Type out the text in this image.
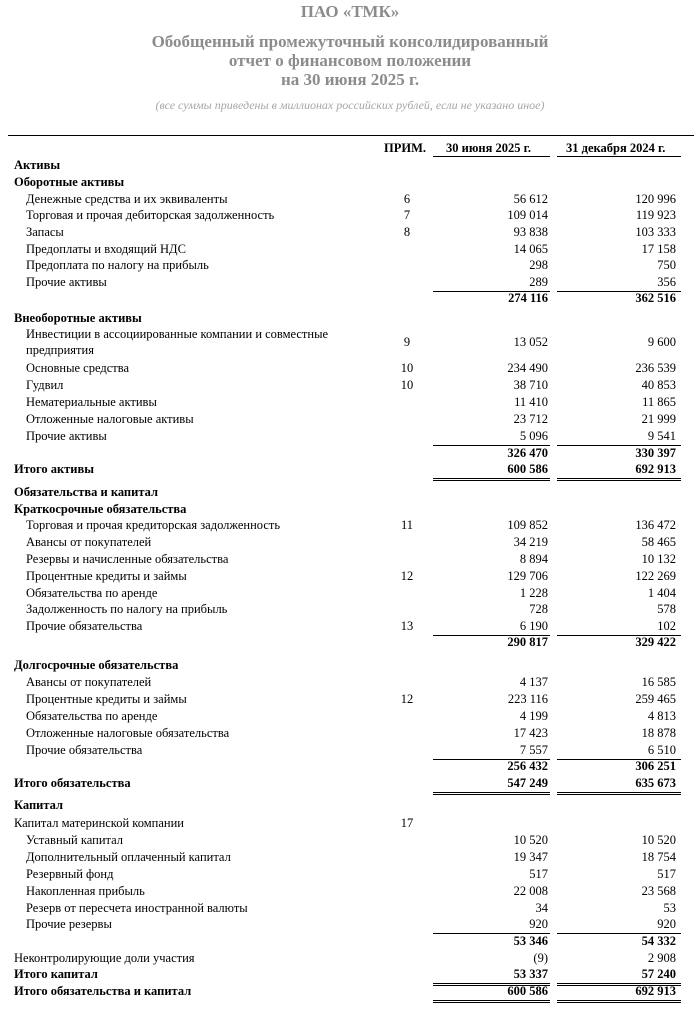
ПАО «ТМК»
Обобщенный промежуточный консолидированный
отчет о финансовом положении
на 30 июня 2025 г.
(все суммы приведены в миллионах российских рублей, если не указано иное)
ПРИМ. 30 июня 2025 г.	31 декабря 2024 г.
Активы
Оборотные активы
Денежные средства и их эквиваленты	6	56 612	120 996
Торговая и прочая дебиторская задолженность	7	109 014	119 923
Запасы	8	93 838	103 333
Предоплаты и входящий НДС	14 065	17 158
Предоплата по налогу на прибыль	298	750
Прочие активы	289	356
274 116	362 516
Внеоборотные активы
Инвестиции в ассоциированные компании и совместные
предприятия
9	13 052	9 600
Основные средства	10	234 490	236 539
Гудвил	10	38 710	40 853
Нематериальные активы	11 410	11 865
Отложенные налоговые активы	23 712	21 999
Прочие активы	5 096	9 541
326 470	330 397
Итого активы	600 586	692 913
Обязательства и капитал
Краткосрочные обязательства
Торговая и прочая кредиторская задолженность	11	109 852	136 472
Авансы от покупателей	34 219	58 465
Резервы и начисленные обязательства	8 894	10 132
Процентные кредиты и займы	12	129 706	122 269
Обязательства по аренде	1 228	1 404
Задолженность по налогу на прибыль	728	578
Прочие обязательства	13	6 190	102
290 817	329 422
Долгосрочные обязательства
Авансы от покупателей	4 137	16 585
Процентные кредиты и займы	12	223 116	259 465
Обязательства по аренде	4 199	4 813
Отложенные налоговые обязательства	17 423	18 878
Прочие обязательства	7 557	6 510
256 432	306 251
Итого обязательства	547 249	635 673
Капитал
Капитал материнской компании	17
Уставный капитал	10 520	10 520
Дополнительный оплаченный капитал	19 347	18 754
Резервный фонд	517	517
Накопленная прибыль	22 008	23 568
Резерв от пересчета иностранной валюты	34	53
Прочие резервы	920	920
53 346	54 332
Неконтролирующие доли участия	(9)	2 908
Итого капитал	53 337	57 240
Итого обязательства и капитал	600 586	692 913
